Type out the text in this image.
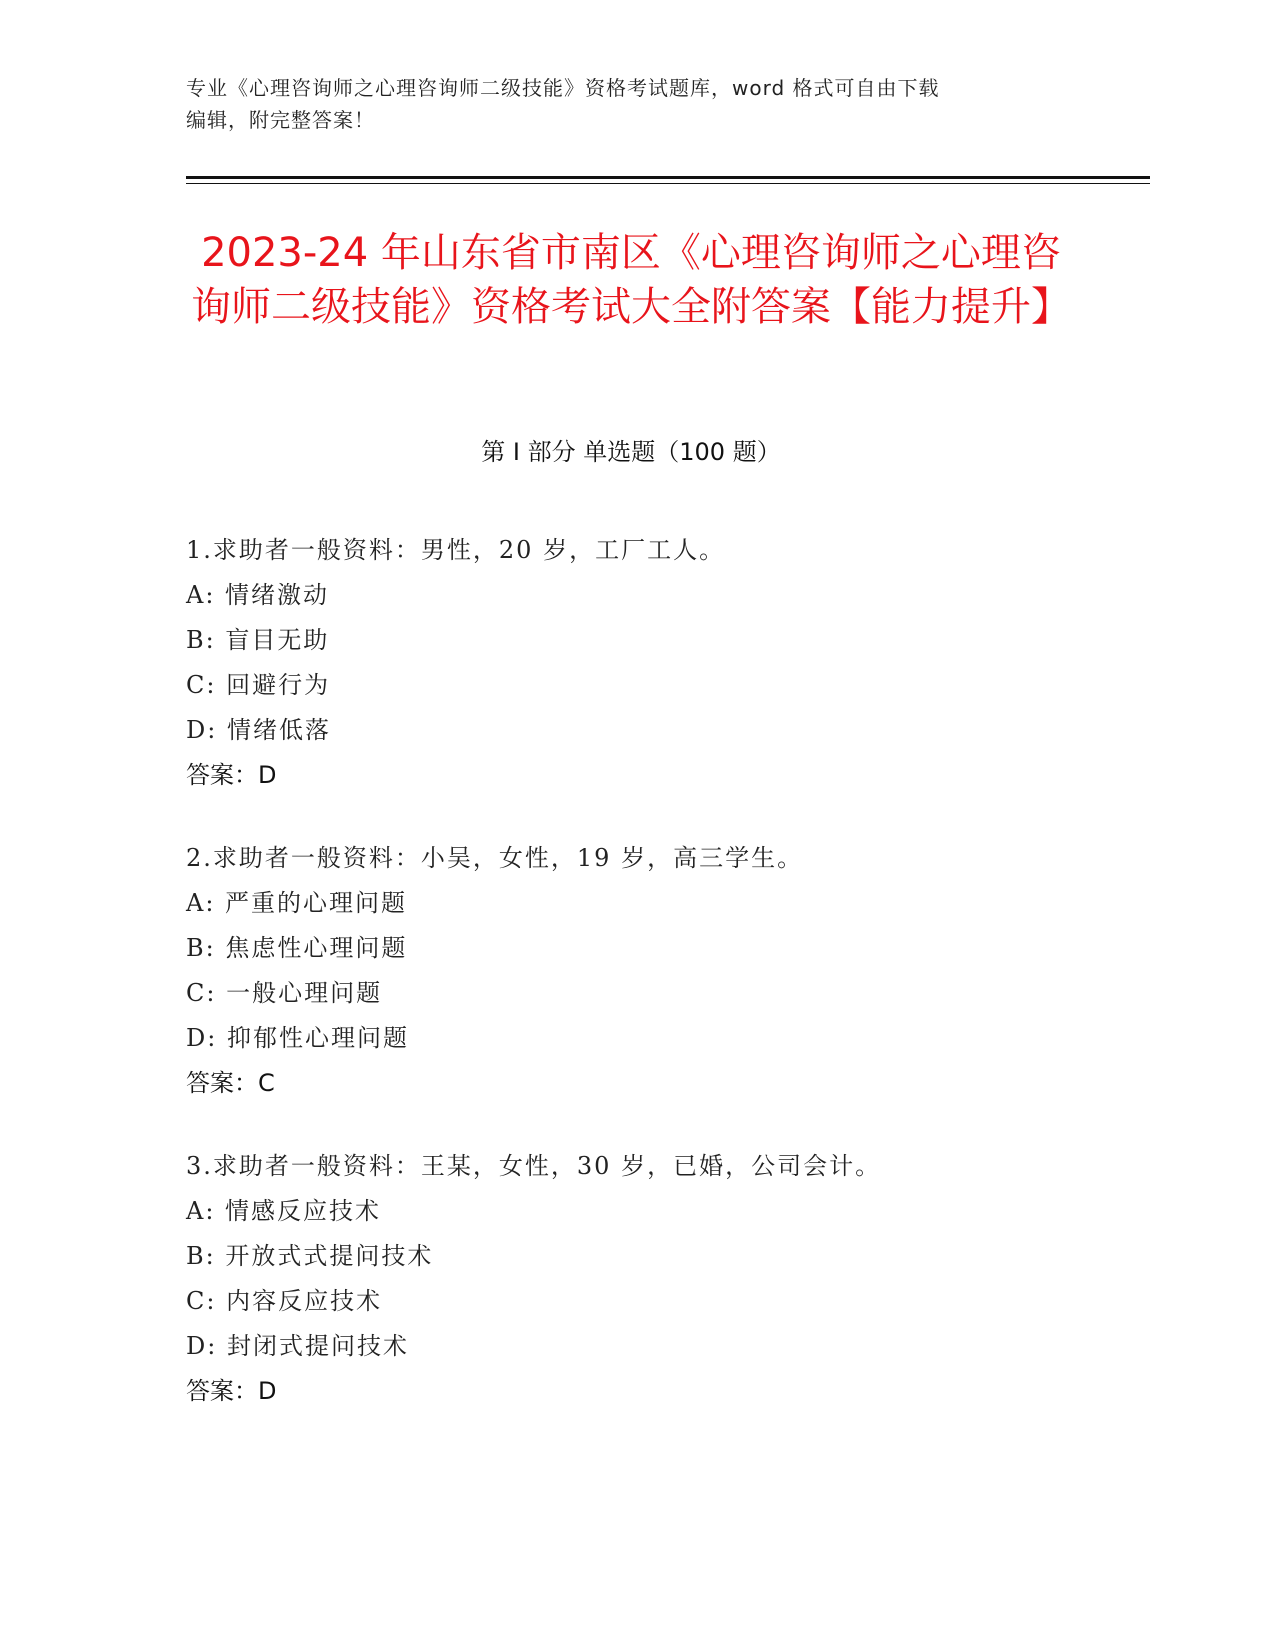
专业《心理咨询师之心理咨询师二级技能》资格考试题库，word 格式可自由下载
编辑，附完整答案！
2023-24 年山东省市南区《心理咨询师之心理咨询师二级技能》资格考试大全附答案【能力提升】
第 I 部分 单选题（100 题）
1.求助者一般资料：男性，20 岁，工厂工人。
A: 情绪激动
B: 盲目无助
C: 回避行为
D: 情绪低落
答案：D
2.求助者一般资料：小吴，女性，19 岁，高三学生。
A: 严重的心理问题
B: 焦虑性心理问题
C: 一般心理问题
D: 抑郁性心理问题
答案：C
3.求助者一般资料：王某，女性，30 岁，已婚，公司会计。
A: 情感反应技术
B: 开放式式提问技术
C: 内容反应技术
D: 封闭式提问技术
答案：D
